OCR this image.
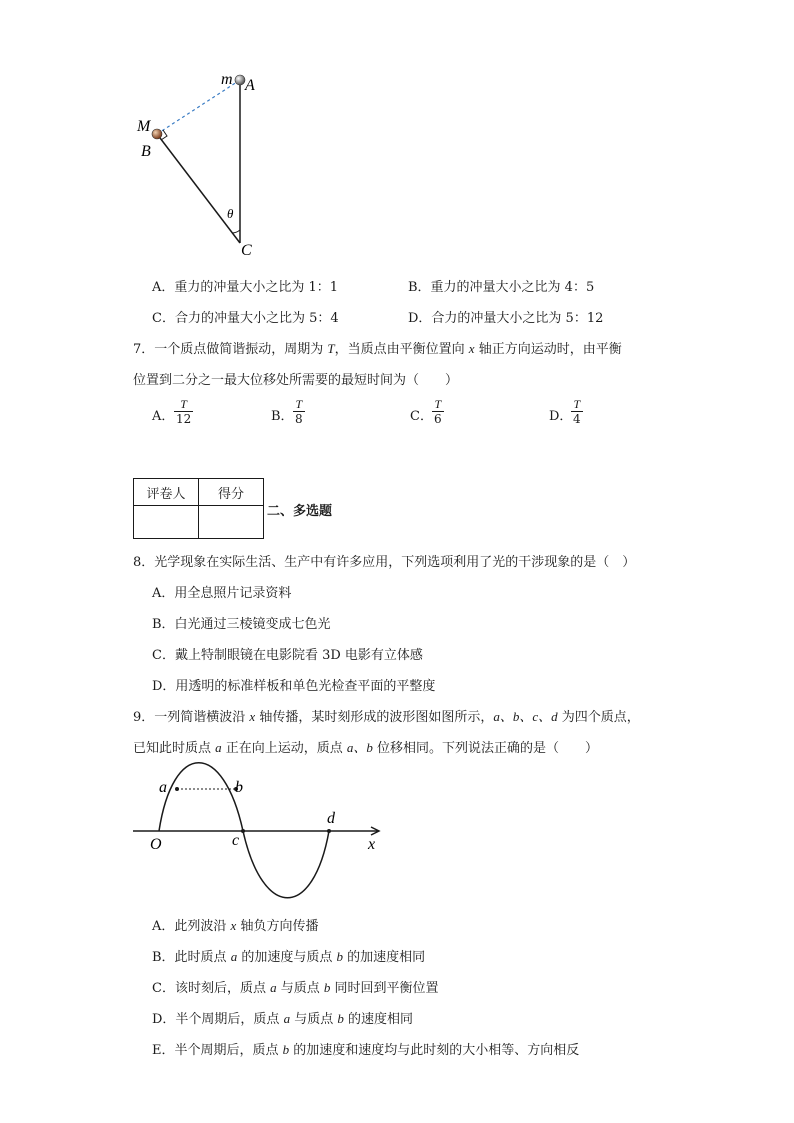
m A
M
B
θ
C
A．重力的冲量大小之比为 1：1	B．重力的冲量大小之比为 4：5
C．合力的冲量大小之比为 5：4	D．合力的冲量大小之比为 5：12
7．一个质点做简谐振动，周期为 T，当质点由平衡位置向 x 轴正方向运动时，由平衡
位置到二分之一最大位移处所需要的最短时间为（　　）
A． $\frac{T}{12}$	B． $\frac{T}{8}$	C． $\frac{T}{6}$	D．
$\frac{T}{4}$
评卷人	得分

二、多选题
8．光学现象在实际生活、生产中有许多应用，下列选项利用了光的干涉现象的是（　）
A．用全息照片记录资料
B．白光通过三棱镜变成七色光
C．戴上特制眼镜在电影院看 3D 电影有立体感
D．用透明的标准样板和单色光检查平面的平整度
9．一列简谐横波沿 x 轴传播，某时刻形成的波形图如图所示，a、b、c、d 为四个质点，
已知此时质点 a 正在向上运动，质点 a、b 位移相同。下列说法正确的是（　　）
a	b
c
d
O	x
A．此列波沿 x 轴负方向传播
B．此时质点 a 的加速度与质点 b 的加速度相同
C．该时刻后，质点 a 与质点 b 同时回到平衡位置
D．半个周期后，质点 a 与质点 b 的速度相同
E．半个周期后，质点 b 的加速度和速度均与此时刻的大小相等、方向相反
